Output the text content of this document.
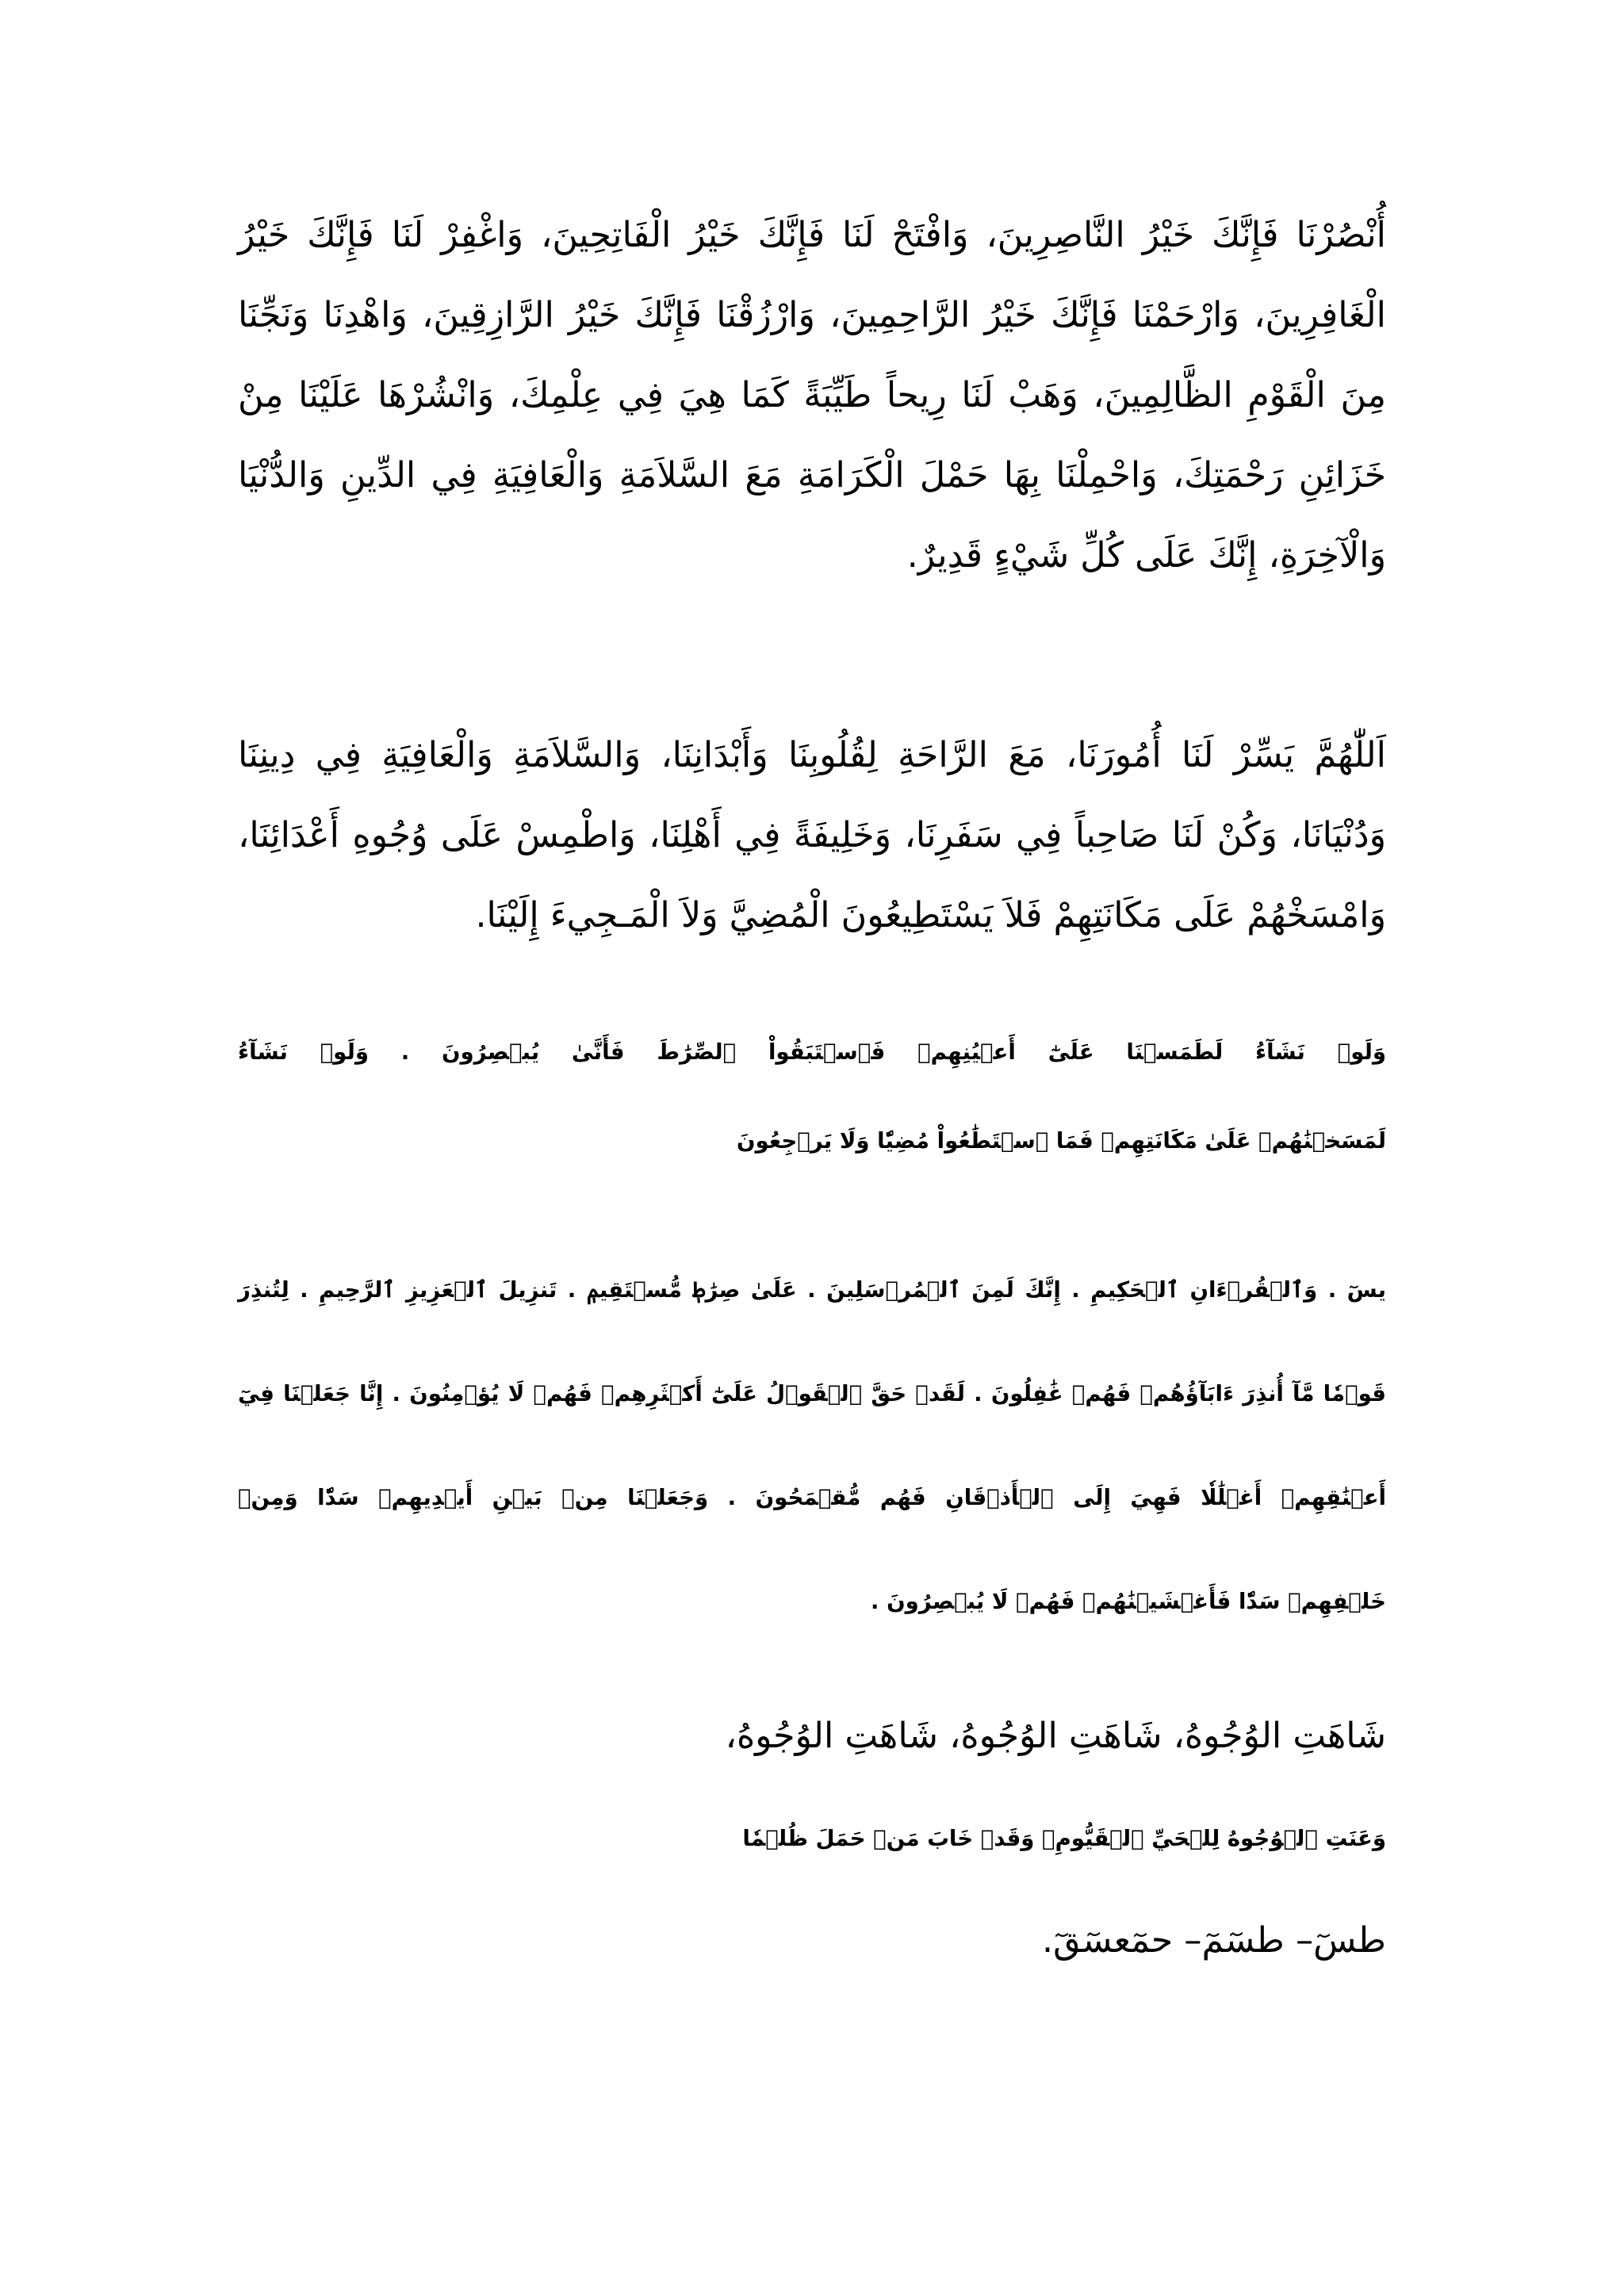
أُنْصُرْنَا فَإِنَّكَ خَيْرُ النَّاصِرِينَ، وَافْتَحْ لَنَا فَإِنَّكَ خَيْرُ الْفَاتِحِينَ، وَاغْفِرْ لَنَا فَإِنَّكَ خَيْرُ
الْغَافِرِينَ، وَارْحَمْنَا فَإِنَّكَ خَيْرُ الرَّاحِمِينَ، وَارْزُقْنَا فَإِنَّكَ خَيْرُ الرَّازِقِينَ، وَاهْدِنَا وَنَجِّنَا
مِنَ الْقَوْمِ الظَّالِمِينَ، وَهَبْ لَنَا رِيحاً طَيِّبَةً كَمَا هِيَ فِي عِلْمِكَ، وَانْشُرْهَا عَلَيْنَا مِنْ
خَزَائِنِ رَحْمَتِكَ، وَاحْمِلْنَا بِهَا حَمْلَ الْكَرَامَةِ مَعَ السَّلاَمَةِ وَالْعَافِيَةِ فِي الدِّينِ وَالدُّنْيَا
وَالْآخِرَةِ، إِنَّكَ عَلَى كُلِّ شَيْءٍ قَدِيرٌ.
اَللّٰهُمَّ يَسِّرْ لَنَا أُمُورَنَا، مَعَ الرَّاحَةِ لِقُلُوبِنَا وَأَبْدَانِنَا، وَالسَّلاَمَةِ وَالْعَافِيَةِ فِي دِينِنَا
وَدُنْيَانَا، وَكُنْ لَنَا صَاحِباً فِي سَفَرِنَا، وَخَلِيفَةً فِي أَهْلِنَا، وَاطْمِسْ عَلَى وُجُوهِ أَعْدَائِنَا،
وَامْسَخْهُمْ عَلَى مَكَانَتِهِمْ فَلاَ يَسْتَطِيعُونَ الْمُضِيَّ وَلاَ الْمَـجِيءَ إِلَيْنَا.
وَلَوۡ نَشَآءُ لَطَمَسۡنَا عَلَىٰٓ أَعۡيُنِهِمۡ فَٱسۡتَبَقُواْ ٱلصِّرَٰطَ فَأَنَّىٰ يُبۡصِرُونَ . وَلَوۡ نَشَآءُ
لَمَسَخۡنَٰهُمۡ عَلَىٰ مَكَانَتِهِمۡ فَمَا ٱسۡتَطَٰعُواْ مُضِيّٗا وَلَا يَرۡجِعُونَ
يسٓ . وَٱلۡقُرۡءَانِ ٱلۡحَكِيمِ . إِنَّكَ لَمِنَ ٱلۡمُرۡسَلِينَ . عَلَىٰ صِرَٰطٖ مُّسۡتَقِيمٖ . تَنزِيلَ ٱلۡعَزِيزِ ٱلرَّحِيمِ . لِتُنذِرَ
قَوۡمٗا مَّآ أُنذِرَ ءَابَآؤُهُمۡ فَهُمۡ غَٰفِلُونَ . لَقَدۡ حَقَّ ٱلۡقَوۡلُ عَلَىٰٓ أَكۡثَرِهِمۡ فَهُمۡ لَا يُؤۡمِنُونَ . إِنَّا جَعَلۡنَا فِيٓ
أَعۡنَٰقِهِمۡ أَغۡلَٰلٗا فَهِيَ إِلَى ٱلۡأَذۡقَانِ فَهُم مُّقۡمَحُونَ . وَجَعَلۡنَا مِنۢ بَيۡنِ أَيۡدِيهِمۡ سَدّٗا وَمِنۡ
خَلۡفِهِمۡ سَدّٗا فَأَغۡشَيۡنَٰهُمۡ فَهُمۡ لَا يُبۡصِرُونَ .
شَاهَتِ الوُجُوهُ، شَاهَتِ الوُجُوهُ، شَاهَتِ الوُجُوهُ،
وَعَنَتِ ٱلۡوُجُوهُ لِلۡحَيِّ ٱلۡقَيُّومِۖ وَقَدۡ خَابَ مَنۡ حَمَلَ ظُلۡمٗا
طسٓ– طسٓمٓ– حمٓعسٓقٓ.
